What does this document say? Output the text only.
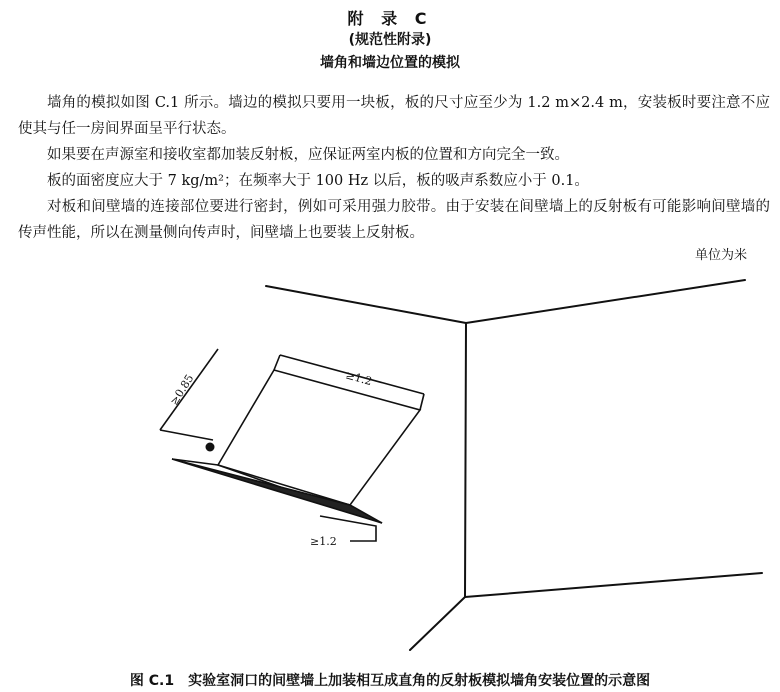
附 录 C
(规范性附录)
墙角和墙边位置的模拟

墙角的模拟如图 C.1 所示。墙边的模拟只要用一块板，板的尺寸应至少为 1.2 m×2.4 m，安装板时要注意不应使其与任一房间界面呈平行状态。

如果要在声源室和接收室都加装反射板，应保证两室内板的位置和方向完全一致。

板的面密度应大于 7 kg/m²；在频率大于 100 Hz 以后，板的吸声系数应小于 0.1。

对板和间壁墙的连接部位要进行密封，例如可采用强力胶带。由于安装在间壁墙上的反射板有可能影响间壁墙的传声性能，所以在测量侧向传声时，间壁墙上也要装上反射板。

单位为米
≥1.2
≥0.85
≥1.2
图 C.1　实验室洞口的间壁墙上加装相互成直角的反射板模拟墙角安装位置的示意图
